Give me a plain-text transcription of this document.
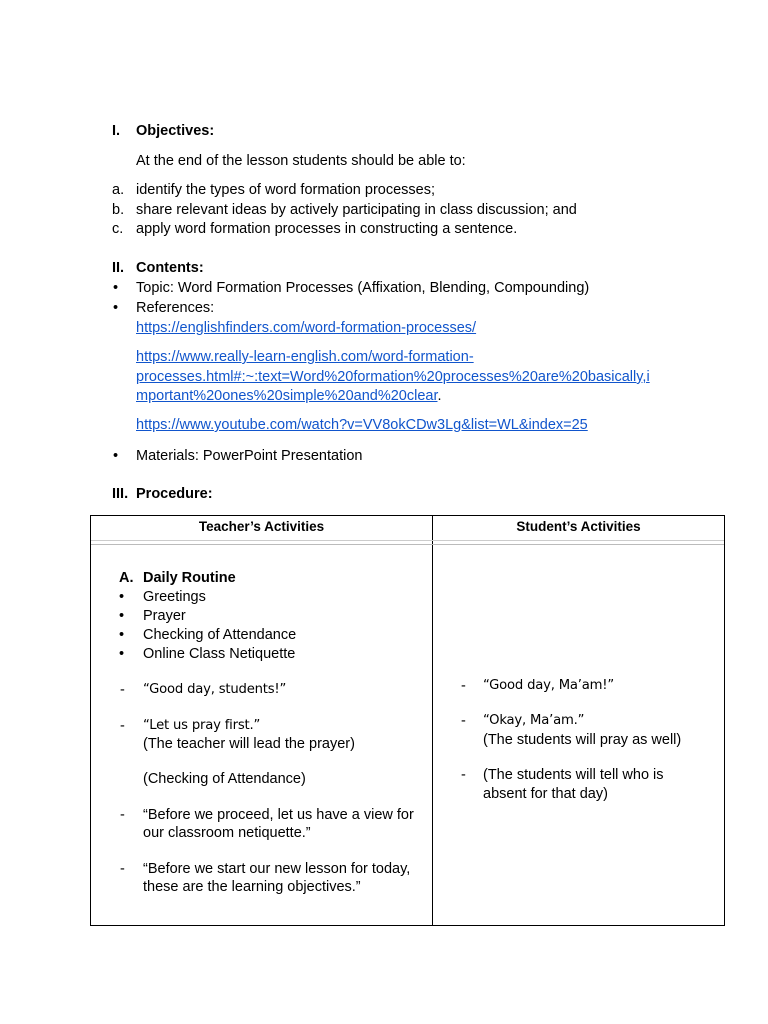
I. Objectives:
At the end of the lesson students should be able to:
a. identify the types of word formation processes;
b. share relevant ideas by actively participating in class discussion; and
c. apply word formation processes in constructing a sentence.
II. Contents:
• Topic: Word Formation Processes (Affixation, Blending, Compounding)
• References:
https://englishfinders.com/word-formation-processes/
https://www.really-learn-english.com/word-formation-
processes.html#:~:text=Word%20formation%20processes%20are%20basically,i
mportant%20ones%20simple%20and%20clear.
https://www.youtube.com/watch?v=VV8okCDw3Lg&list=WL&index=25
• Materials: PowerPoint Presentation
III. Procedure:
Teacher’s Activities	Student’s Activities
A. Daily Routine
• Greetings
• Prayer
• Checking of Attendance
• Online Class Netiquette
- “Good day, students!”
- “Let us pray first.”
(The teacher will lead the prayer)
(Checking of Attendance)
- “Before we proceed, let us have a view for
our classroom netiquette.”
- “Before we start our new lesson for today,
these are the learning objectives.”
- “Good day, Ma’am!”
- “Okay, Ma’am.”
(The students will pray as well)
- (The students will tell who is
absent for that day)
